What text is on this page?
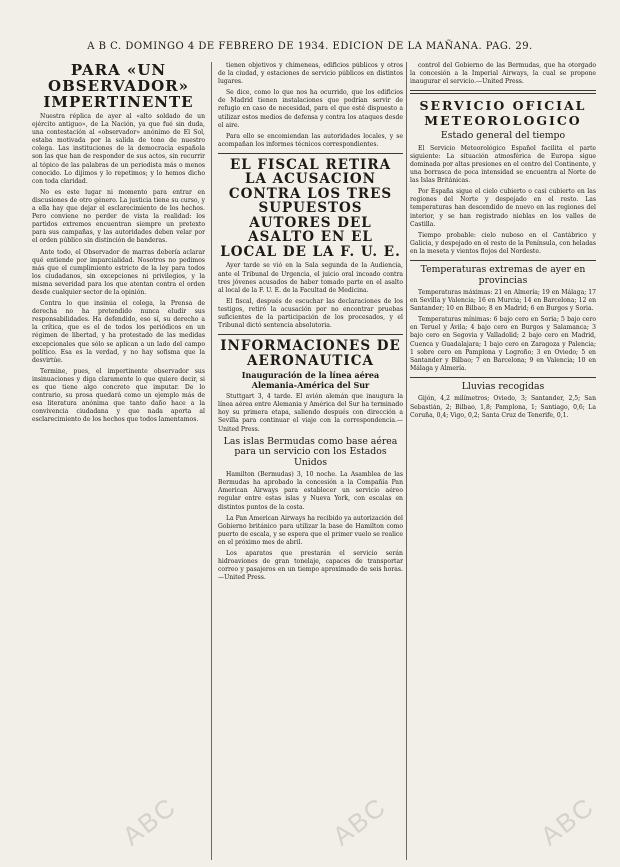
A B C. DOMINGO 4 DE FEBRERO DE 1934. EDICION DE LA MAÑANA. PAG. 29.
PARA «UN OBSERVADOR» IMPERTINENTE

Nuestra réplica de ayer al «alto soldado de un ejército antiguo», de La Nación, ya que fué sin duda, una contestación al «observador» anónimo de El Sol, estaba motivada por la salida de tono de nuestro colega. Las instituciones de la democracia española son las que han de responder de sus actos, sin recurrir al tópico de las palabras de un periodista más o menos conocido. Lo dijimos y lo repetimos; y lo hemos dicho con toda claridad.

No es este lugar ni momento para entrar en discusiones de otro género. La justicia tiene su curso, y a ella hay que dejar el esclarecimiento de los hechos. Pero conviene no perder de vista la realidad: los partidos extremos encuentran siempre un pretexto para sus campañas, y las autoridades deben velar por el orden público sin distinción de banderas.

Ante todo, el Observador de marras debería aclarar qué entiende por imparcialidad. Nosotros no pedimos más que el cumplimiento estricto de la ley para todos los ciudadanos, sin excepciones ni privilegios, y la misma severidad para los que atentan contra el orden desde cualquier sector de la opinión.

Contra lo que insinúa el colega, la Prensa de derecha no ha pretendido nunca eludir sus responsabilidades. Ha defendido, eso sí, su derecho a la crítica, que es el de todos los periódicos en un régimen de libertad, y ha protestado de las medidas excepcionales que sólo se aplican a un lado del campo político. Esa es la verdad, y no hay sofisma que la desvirtúe.

Termine, pues, el impertinente observador sus insinuaciones y diga claramente lo que quiere decir, si es que tiene algo concreto que imputar. De lo contrario, su prosa quedará como un ejemplo más de esa literatura anónima que tanto daño hace a la convivencia ciudadana y que nada aporta al esclarecimiento de los hechos que todos lamentamos.

tienen objetivos y chimeneas, edificios públicos y otros de la ciudad, y estaciones de servicio públicos en distintos lugares.

Se dice, como lo que nos ha ocurrido, que los edificios de Madrid tienen instalaciones que podrían servir de refugio en caso de necesidad, para el que esté dispuesto a utilizar estos medios de defensa y contra los ataques desde el aire.

Para ello se encomiendan las autoridades locales, y se acompañan los informes técnicos correspondientes.

EL FISCAL RETIRA LA ACUSACION CONTRA LOS TRES SUPUESTOS AUTORES DEL ASALTO EN EL LOCAL DE LA F. U. E.

Ayer tarde se vió en la Sala segunda de la Audiencia, ante el Tribunal de Urgencia, el juicio oral incoado contra tres jóvenes acusados de haber tomado parte en el asalto al local de la F. U. E. de la Facultad de Medicina.

El fiscal, después de escuchar las declaraciones de los testigos, retiró la acusación por no encontrar pruebas suficientes de la participación de los procesados, y el Tribunal dictó sentencia absolutoria.

INFORMACIONES DE AERONAUTICA
Inauguración de la línea aérea Alemania-América del Sur

Stuttgart 3, 4 tarde. El avión alemán que inaugura la línea aérea entre Alemania y América del Sur ha terminado hoy su primera etapa, saliendo después con dirección a Sevilla para continuar el viaje con la correspondencia.—United Press.

Las islas Bermudas como base aérea para un servicio con los Estados Unidos

Hamilton (Bermudas) 3, 10 noche. La Asamblea de las Bermudas ha aprobado la concesión a la Compañía Pan American Airways para establecer un servicio aéreo regular entre estas islas y Nueva York, con escalas en distintos puntos de la costa.

La Pan American Airways ha recibido ya autorización del Gobierno británico para utilizar la base de Hamilton como puerto de escala, y se espera que el primer vuelo se realice en el próximo mes de abril.

Los aparatos que prestarán el servicio serán hidroaviones de gran tonelaje, capaces de transportar correo y pasajeros en un tiempo aproximado de seis horas.—United Press.

control del Gobierno de las Bermudas, que ha otorgado la concesión a la Imperial Airways, la cual se propone inaugurar el servicio.—United Press.

SERVICIO OFICIAL METEOROLOGICO
Estado general del tiempo

El Servicio Meteorológico Español facilita el parte siguiente: La situación atmosférica de Europa sigue dominada por altas presiones en el centro del Continente, y una borrasca de poca intensidad se encuentra al Norte de las Islas Británicas.

Por España sigue el cielo cubierto o casi cubierto en las regiones del Norte y despejado en el resto. Las temperaturas han descendido de nuevo en las regiones del interior, y se han registrado nieblas en los valles de Castilla.

Tiempo probable: cielo nuboso en el Cantábrico y Galicia, y despejado en el resto de la Península, con heladas en la meseta y vientos flojos del Nordeste.

Temperaturas extremas de ayer en provincias

Temperaturas máximas: 21 en Almería; 19 en Málaga; 17 en Sevilla y Valencia; 16 en Murcia; 14 en Barcelona; 12 en Santander; 10 en Bilbao; 8 en Madrid; 6 en Burgos y Soria.

Temperaturas mínimas: 6 bajo cero en Soria; 5 bajo cero en Teruel y Ávila; 4 bajo cero en Burgos y Salamanca; 3 bajo cero en Segovia y Valladolid; 2 bajo cero en Madrid, Cuenca y Guadalajara; 1 bajo cero en Zaragoza y Palencia; 1 sobre cero en Pamplona y Logroño; 3 en Oviedo; 5 en Santander y Bilbao; 7 en Barcelona; 9 en Valencia; 10 en Málaga y Almería.

Lluvias recogidas

Gijón, 4,2 milímetros; Oviedo, 3; Santander, 2,5; San Sebastián, 2; Bilbao, 1,8; Pamplona, 1; Santiago, 0,6; La Coruña, 0,4; Vigo, 0,2; Santa Cruz de Tenerife, 0,1.

ABC	ABC	ABC
